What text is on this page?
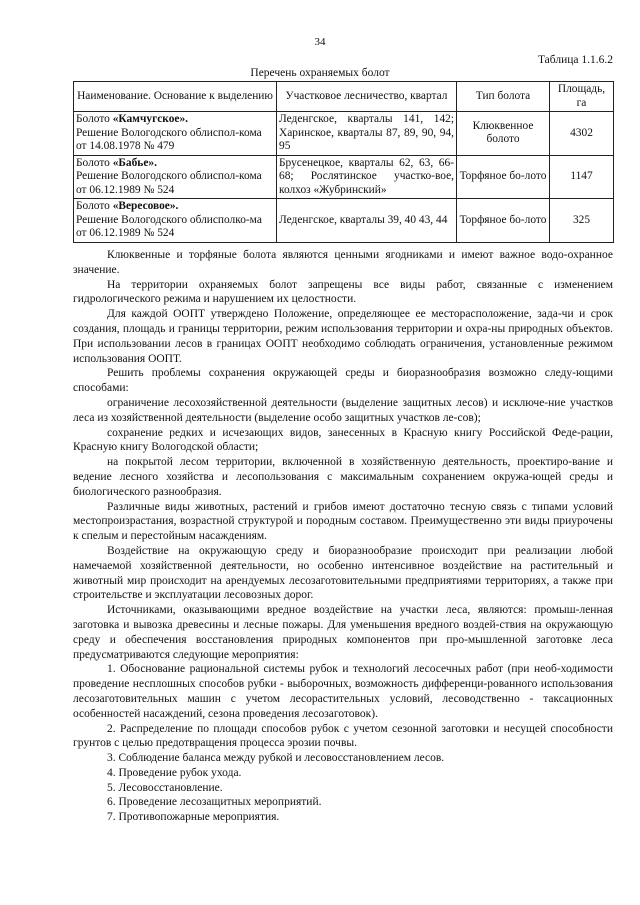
34
Таблица 1.1.6.2
Перечень охраняемых болот
Наименование. Основание к выделению	Участковое лесничество, квартал	Тип болота	Площадь, га

Болото «Камчугское».
Решение Вологодского облиспол-кома от 14.08.1978 № 479	Леденгское, кварталы 141, 142; Харинское, кварталы 87, 89, 90, 94, 95	Клюквенное болото	4302

Болото «Бабье».
Решение Вологодского облиспол-кома от 06.12.1989 № 524	Брусенецкое, кварталы 62, 63, 66-68; Рослятинское участко-вое, колхоз «Жубринский»	Торфяное бо-лото	1147

Болото «Вересовое».
Решение Вологодского облисполко-ма от 06.12.1989 № 524	Леденгское, кварталы 39, 40 43, 44	Торфяное бо-лото	325

Клюквенные и торфяные болота являются ценными ягодниками и имеют важное водо-охранное значение.

На территории охраняемых болот запрещены все виды работ, связанные с изменением гидрологического режима и нарушением их целостности.

Для каждой ООПТ утверждено Положение, определяющее ее месторасположение, зада-чи и срок создания, площадь и границы территории, режим использования территории и охра-ны природных объектов. При использовании лесов в границах ООПТ необходимо соблюдать ограничения, установленные режимом использования ООПТ.

Решить проблемы сохранения окружающей среды и биоразнообразия возможно следу-ющими способами:

ограничение лесохозяйственной деятельности (выделение защитных лесов) и исключе-ние участков леса из хозяйственной деятельности (выделение особо защитных участков ле-сов);

сохранение редких и исчезающих видов, занесенных в Красную книгу Российской Феде-рации, Красную книгу Вологодской области;

на покрытой лесом территории, включенной в хозяйственную деятельность, проектиро-вание и ведение лесного хозяйства и лесопользования с максимальным сохранением окружа-ющей среды и биологического разнообразия.

Различные виды животных, растений и грибов имеют достаточно тесную связь с типами условий местопроизрастания, возрастной структурой и породным составом. Преимущественно эти виды приурочены к спелым и перестойным насаждениям.

Воздействие на окружающую среду и биоразнообразие происходит при реализации любой намечаемой хозяйственной деятельности, но особенно интенсивное воздействие на растительный и животный мир происходит на арендуемых лесозаготовительными предприятиями территориях, а также при строительстве и эксплуатации лесовозных дорог.

Источниками, оказывающими вредное воздействие на участки леса, являются: промыш-ленная заготовка и вывозка древесины и лесные пожары. Для уменьшения вредного воздей-ствия на окружающую среду и обеспечения восстановления природных компонентов при про-мышленной заготовке леса предусматриваются следующие мероприятия:

1. Обоснование рациональной системы рубок и технологий лесосечных работ (при необ-ходимости проведение несплошных способов рубки - выборочных, возможность дифференци-рованного использования лесозаготовительных машин с учетом лесорастительных условий, лесоводственно - таксационных особенностей насаждений, сезона проведения лесозаготовок).

2. Распределение по площади способов рубок с учетом сезонной заготовки и несущей способности грунтов с целью предотвращения процесса эрозии почвы.

3. Соблюдение баланса между рубкой и лесовосстановлением лесов.

4. Проведение рубок ухода.

5. Лесовосстановление.

6. Проведение лесозащитных мероприятий.

7. Противопожарные мероприятия.
